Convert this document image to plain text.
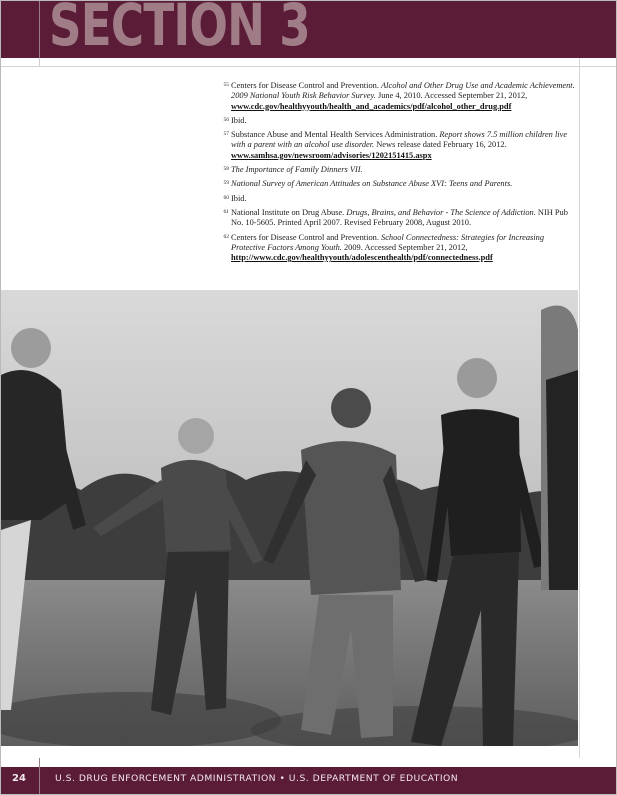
SECTION 3
55 Centers for Disease Control and Prevention. Alcohol and Other Drug Use and Academic Achievement. 2009 National Youth Risk Behavior Survey. June 4, 2010. Accessed September 21, 2012,
www.cdc.gov/healthyyouth/health_and_academics/pdf/alcohol_other_drug.pdf
56 Ibid.
57 Substance Abuse and Mental Health Services Administration. Report shows 7.5 million children live with a parent with an alcohol use disorder. News release dated February 16, 2012.
www.samhsa.gov/newsroom/advisories/1202151415.aspx
58 The Importance of Family Dinners VII.
59 National Survey of American Attitudes on Substance Abuse XVI: Teens and Parents.
60 Ibid.
61 National Institute on Drug Abuse. Drugs, Brains, and Behavior - The Science of Addiction. NIH Pub No. 10-5605. Printed April 2007. Revised February 2008, August 2010.
62 Centers for Disease Control and Prevention. School Connectedness: Strategies for Increasing Protective Factors Among Youth. 2009. Accessed September 21, 2012,
http://www.cdc.gov/healthyyouth/adolescenthealth/pdf/connectedness.pdf
24	U.S. DRUG ENFORCEMENT ADMINISTRATION • U.S. DEPARTMENT OF EDUCATION
